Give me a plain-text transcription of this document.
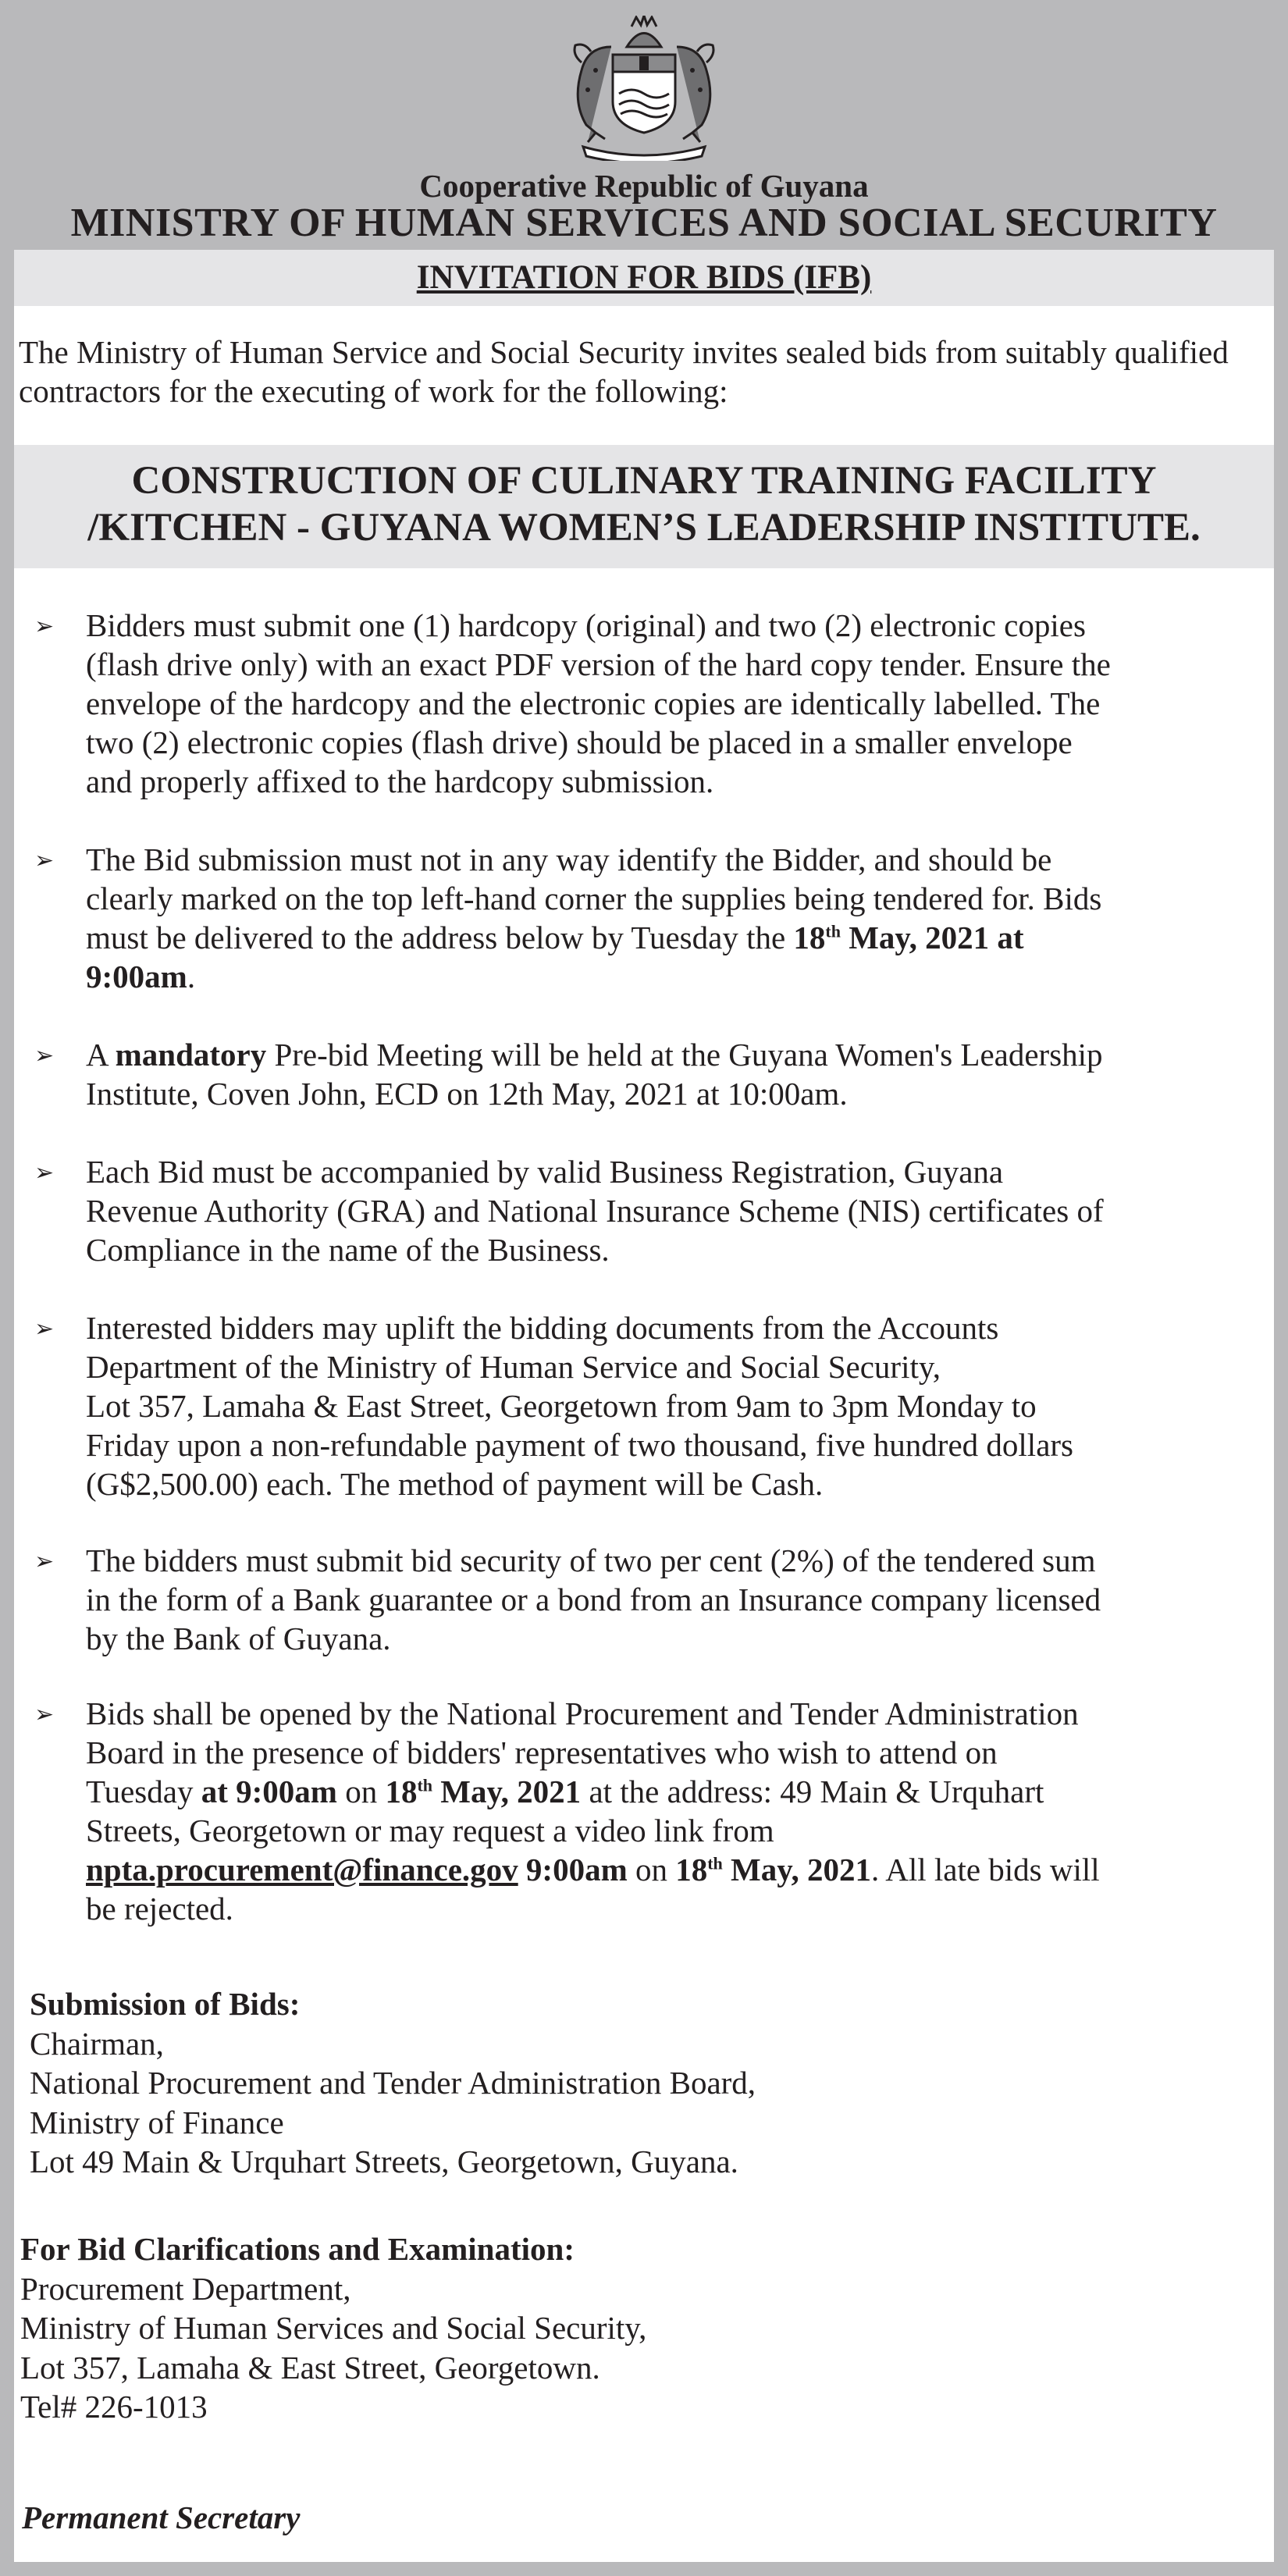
Cooperative Republic of Guyana
MINISTRY OF HUMAN SERVICES AND SOCIAL SECURITY
INVITATION FOR BIDS (IFB)
The Ministry of Human Service and Social Security invites sealed bids from suitably qualified contractors for the executing of work for the following:
CONSTRUCTION OF CULINARY TRAINING FACILITY
/KITCHEN - GUYANA WOMEN’S LEADERSHIP INSTITUTE.
➢ Bidders must submit one (1) hardcopy (original) and two (2) electronic copies
(flash drive only) with an exact PDF version of the hard copy tender. Ensure the
envelope of the hardcopy and the electronic copies are identically labelled. The
two (2) electronic copies (flash drive) should be placed in a smaller envelope
and properly affixed to the hardcopy submission.
➢ The Bid submission must not in any way identify the Bidder, and should be
clearly marked on the top left-hand corner the supplies being tendered for. Bids
must be delivered to the address below by Tuesday the 18th May, 2021 at
9:00am.
➢ A mandatory Pre-bid Meeting will be held at the Guyana Women's Leadership
Institute, Coven John, ECD on 12th May, 2021 at 10:00am.
➢ Each Bid must be accompanied by valid Business Registration, Guyana
Revenue Authority (GRA) and National Insurance Scheme (NIS) certificates of
Compliance in the name of the Business.
➢ Interested bidders may uplift the bidding documents from the Accounts
Department of the Ministry of Human Service and Social Security,
Lot 357, Lamaha & East Street, Georgetown from 9am to 3pm Monday to
Friday upon a non-refundable payment of two thousand, five hundred dollars
(G$2,500.00) each. The method of payment will be Cash.
➢ The bidders must submit bid security of two per cent (2%) of the tendered sum
in the form of a Bank guarantee or a bond from an Insurance company licensed
by the Bank of Guyana.
➢ Bids shall be opened by the National Procurement and Tender Administration
Board in the presence of bidders' representatives who wish to attend on
Tuesday at 9:00am on 18th May, 2021 at the address: 49 Main & Urquhart
Streets, Georgetown or may request a video link from
npta.procurement@finance.gov 9:00am on 18th May, 2021. All late bids will
be rejected.
Submission of Bids:
Chairman,
National Procurement and Tender Administration Board,
Ministry of Finance
Lot 49 Main & Urquhart Streets, Georgetown, Guyana.
For Bid Clarifications and Examination:
Procurement Department,
Ministry of Human Services and Social Security,
Lot 357, Lamaha & East Street, Georgetown.
Tel# 226-1013
Permanent Secretary
